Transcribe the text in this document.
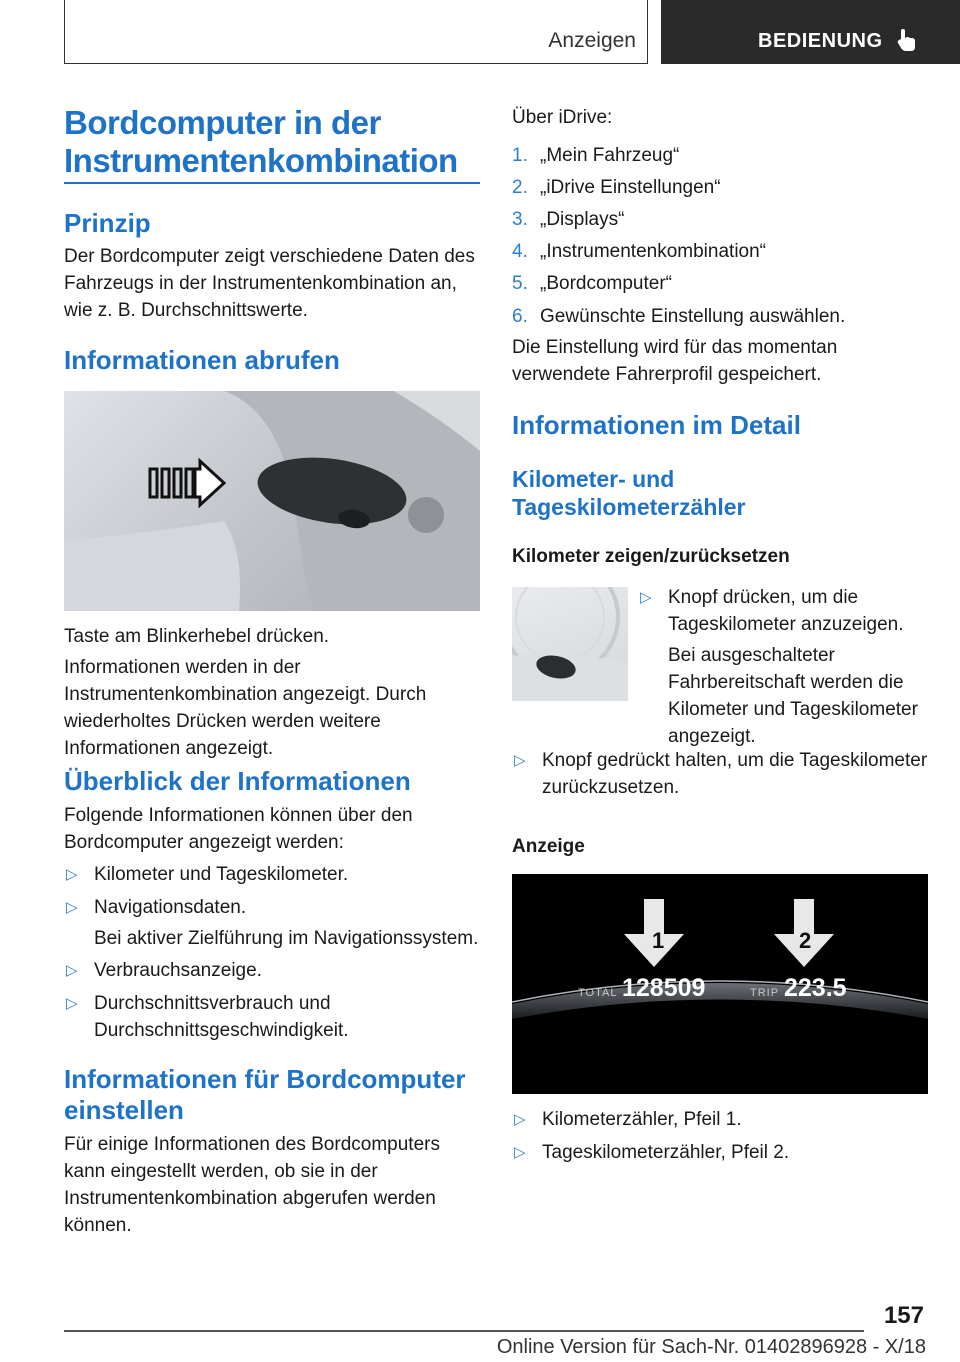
Anzeigen	BEDIENUNG
Bordcomputer in der Instrumentenkombination
Prinzip
Der Bordcomputer zeigt verschiedene Daten des Fahrzeugs in der Instrumentenkombination an, wie z. B. Durchschnittswerte.
Informationen abrufen
Taste am Blinkerhebel drücken.
Informationen werden in der Instrumentenkombination angezeigt. Durch wiederholtes Drücken werden weitere Informationen angezeigt.
Überblick der Informationen
Folgende Informationen können über den Bordcomputer angezeigt werden:
▷ Kilometer und Tageskilometer.
▷ Navigationsdaten.
Bei aktiver Zielführung im Navigationssystem.
▷ Verbrauchsanzeige.
▷ Durchschnittsverbrauch und Durchschnittsgeschwindigkeit.
Informationen für Bordcomputer einstellen
Für einige Informationen des Bordcomputers kann eingestellt werden, ob sie in der Instrumentenkombination abgerufen werden können.
Über iDrive:
1. „Mein Fahrzeug“
2. „iDrive Einstellungen“
3. „Displays“
4. „Instrumentenkombination“
5. „Bordcomputer“
6. Gewünschte Einstellung auswählen.
Die Einstellung wird für das momentan verwendete Fahrerprofil gespeichert.
Informationen im Detail
Kilometer- und Tageskilometerzähler
Kilometer zeigen/zurücksetzen
▷ Knopf drücken, um die Tageskilometer anzuzeigen.
Bei ausgeschalteter Fahrbereitschaft werden die Kilometer und Tageskilometer angezeigt.
▷ Knopf gedrückt halten, um die Tageskilometer zurückzusetzen.
Anzeige
1	2
TOTAL 128509	TRIP 223.5
▷ Kilometerzähler, Pfeil 1.
▷ Tageskilometerzähler, Pfeil 2.
157
Online Version für Sach-Nr. 01402896928 - X/18
